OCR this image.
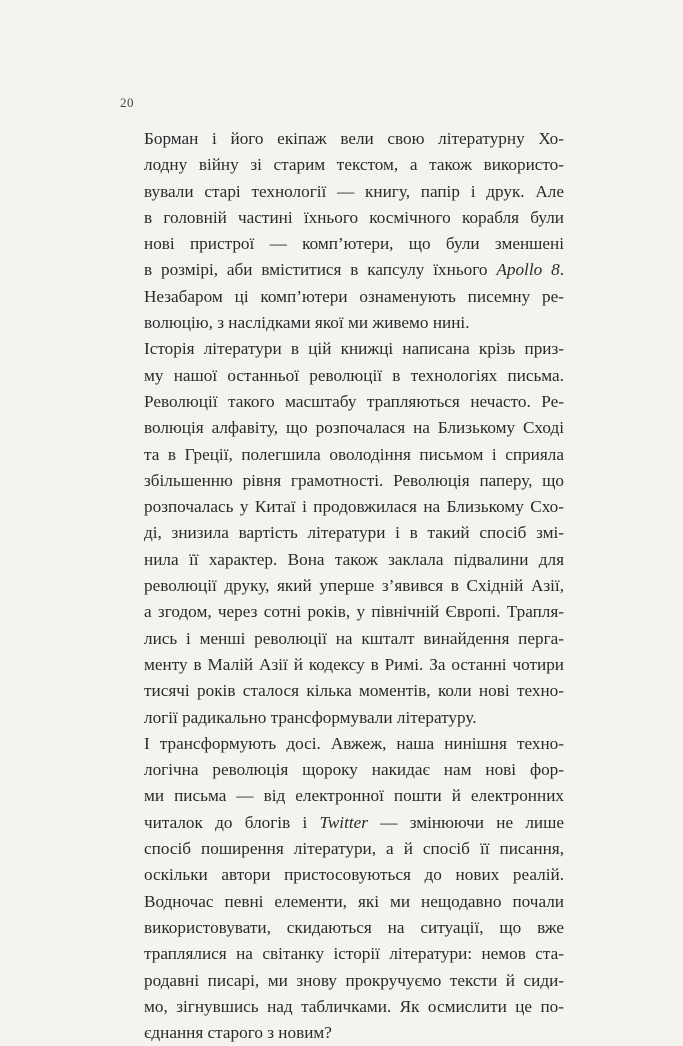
20
Борман і його екіпаж вели свою літературну Хо-
лодну війну зі старим текстом, а також використо-
вували старі технології — книгу, папір і друк. Але
в головній частині їхнього космічного корабля були
нові пристрої — комп’ютери, що були зменшені
в розмірі, аби вміститися в капсулу їхнього Apollo 8.
Незабаром ці комп’ютери ознаменують писемну ре-
волюцію, з наслідками якої ми живемо нині.
Історія літератури в цій книжці написана крізь приз-
му нашої останньої революції в технологіях письма.
Революції такого масштабу трапляються нечасто. Ре-
волюція алфавіту, що розпочалася на Близькому Сході
та в Греції, полегшила оволодіння письмом і сприяла
збільшенню рівня грамотності. Революція паперу, що
розпочалась у Китаї і продовжилася на Близькому Схо-
ді, знизила вартість літератури і в такий спосіб змі-
нила її характер. Вона також заклала підвалини для
революції друку, який уперше з’явився в Східній Азії,
а згодом, через сотні років, у північній Європі. Трапля-
лись і менші революції на кшталт винайдення перга-
менту в Малій Азії й кодексу в Римі. За останні чотири
тисячі років сталося кілька моментів, коли нові техно-
логії радикально трансформували літературу.
І трансформують досі. Авжеж, наша нинішня техно-
логічна революція щороку накидає нам нові фор-
ми письма — від електронної пошти й електронних
читалок до блогів і Twitter — змінюючи не лише
спосіб поширення літератури, а й спосіб її писання,
оскільки автори пристосовуються до нових реалій.
Водночас певні елементи, які ми нещодавно почали
використовувати, скидаються на ситуації, що вже
траплялися на світанку історії літератури: немов ста-
родавні писарі, ми знову прокручуємо тексти й сиди-
мо, зігнувшись над табличками. Як осмислити це по-
єднання старого з новим?
